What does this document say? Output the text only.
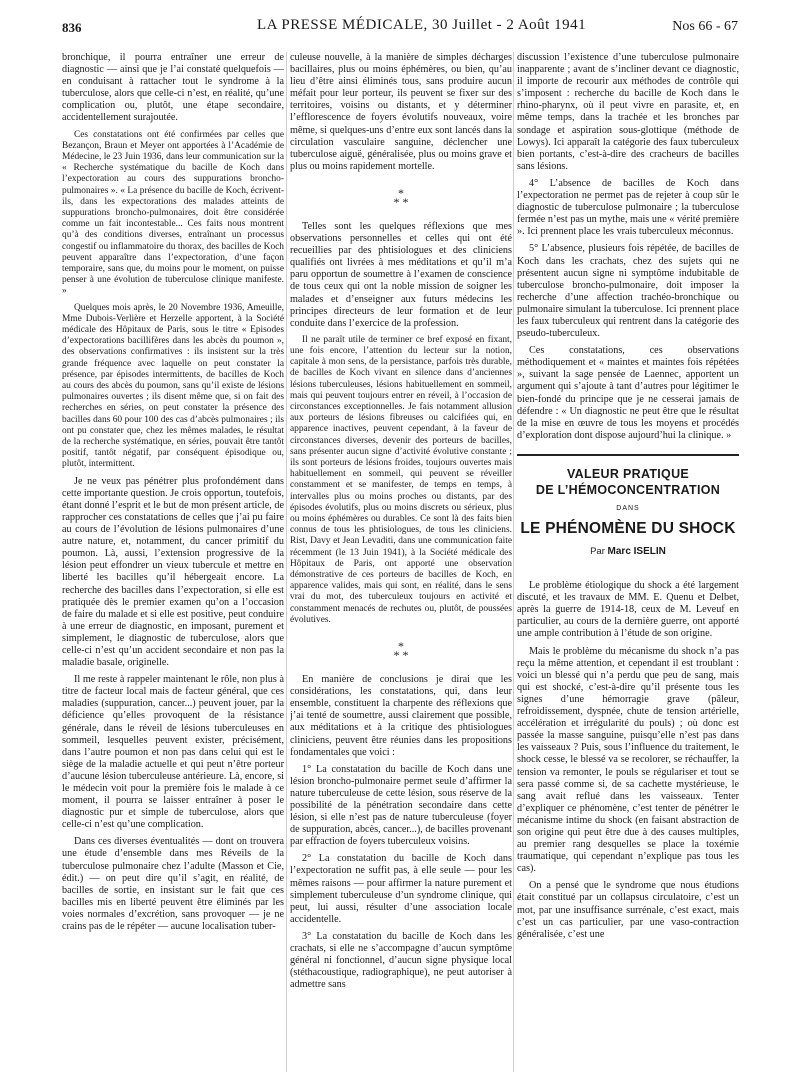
836	LA PRESSE MÉDICALE, 30 Juillet - 2 Août 1941	Nos 66 - 67

bronchique, il pourra entraîner une erreur de diagnostic — ainsi que je l’ai constaté quelquefois — en conduisant à rattacher tout le syndrome à la tuberculose, alors que celle-ci n’est, en réalité, qu’une complication ou, plutôt, une étape secondaire, accidentellement surajoutée.

Ces constatations ont été confirmées par celles que Bezançon, Braun et Meyer ont apportées à l’Académie de Médecine, le 23 Juin 1936, dans leur communication sur la « Recherche systématique du bacille de Koch dans l’expectoration au cours des suppurations broncho-pulmonaires ». « La présence du bacille de Koch, écrivent-ils, dans les expectorations des malades atteints de suppurations broncho-pulmonaires, doit être considérée comme un fait incontestable... Ces faits nous montrent qu’à des conditions diverses, entraînant un processus congestif ou inflammatoire du thorax, des bacilles de Koch peuvent apparaître dans l’expectoration, d’une façon temporaire, sans que, du moins pour le moment, on puisse penser à une évolution de tuberculose clinique manifeste. »

Quelques mois après, le 20 Novembre 1936, Ameuille, Mme Dubois-Verlière et Herzelle apportent, à la Société médicale des Hôpitaux de Paris, sous le titre « Episodes d’expectorations bacillifères dans les abcès du poumon », des observations confirmatives : ils insistent sur la très grande fréquence avec laquelle on peut constater la présence, par épisodes intermittents, de bacilles de Koch au cours des abcès du poumon, sans qu’il existe de lésions pulmonaires ouvertes ; ils disent même que, si on fait des recherches en séries, on peut constater la présence des bacilles dans 60 pour 100 des cas d’abcès pulmonaires ; ils ont pu constater que, chez les mêmes malades, le résultat de la recherche systématique, en séries, pouvait être tantôt positif, tantôt négatif, par conséquent épisodique ou, plutôt, intermittent.

Je ne veux pas pénétrer plus profondément dans cette importante question. Je crois opportun, toutefois, étant donné l’esprit et le but de mon présent article, de rapprocher ces constatations de celles que j’ai pu faire au cours de l’évolution de lésions pulmonaires d’une autre nature, et, notamment, du cancer primitif du poumon. Là, aussi, l’extension progressive de la lésion peut effondrer un vieux tubercule et mettre en liberté les bacilles qu’il hébergeait encore. La recherche des bacilles dans l’expectoration, si elle est pratiquée dès le premier examen qu’on a l’occasion de faire du malade et si elle est positive, peut conduire à une erreur de diagnostic, en imposant, purement et simplement, le diagnostic de tuberculose, alors que celle-ci n’est qu’un accident secondaire et non pas la maladie basale, originelle.

Il me reste à rappeler maintenant le rôle, non plus à titre de facteur local mais de facteur général, que ces maladies (suppuration, cancer...) peuvent jouer, par la déficience qu’elles provoquent de la résistance générale, dans le réveil de lésions tuberculeuses en sommeil, lesquelles peuvent exister, précisément, dans l’autre poumon et non pas dans celui qui est le siège de la maladie actuelle et qui peut n’être porteur d’aucune lésion tuberculeuse antérieure. Là, encore, si le médecin voit pour la première fois le malade à ce moment, il pourra se laisser entraîner à poser le diagnostic pur et simple de tuberculose, alors que celle-ci n’est qu’une complication.

Dans ces diverses éventualités — dont on trouvera une étude d’ensemble dans mes Réveils de la tuberculose pulmonaire chez l’adulte (Masson et Cie, édit.) — on peut dire qu’il s’agit, en réalité, de bacilles de sortie, en insistant sur le fait que ces bacilles mis en liberté peuvent être éliminés par les voies normales d’excrétion, sans provoquer — je ne crains pas de le répéter — aucune localisation tuber-

culeuse nouvelle, à la manière de simples décharges bacillaires, plus ou moins éphémères, ou bien, qu’au lieu d’être ainsi éliminés tous, sans produire aucun méfait pour leur porteur, ils peuvent se fixer sur des territoires, voisins ou distants, et y déterminer l’efflorescence de foyers évolutifs nouveaux, voire même, si quelques-uns d’entre eux sont lancés dans la circulation vasculaire sanguine, déclencher une tuberculose aiguë, généralisée, plus ou moins grave et plus ou moins rapidement mortelle.

*
* *

Telles sont les quelques réflexions que mes observations personnelles et celles qui ont été recueillies par des phtisiologues et des cliniciens qualifiés ont livrées à mes méditations et qu’il m’a paru opportun de soumettre à l’examen de conscience de tous ceux qui ont la noble mission de soigner les malades et d’enseigner aux futurs médecins les principes directeurs de leur formation et de leur conduite dans l’exercice de la profession.

Il ne paraît utile de terminer ce bref exposé en fixant, une fois encore, l’attention du lecteur sur la notion, capitale à mon sens, de la persistance, parfois très durable, de bacilles de Koch vivant en silence dans d’anciennes lésions tuberculeuses, lésions habituellement en sommeil, mais qui peuvent toujours entrer en réveil, à l’occasion de circonstances exceptionnelles. Je fais notamment allusion aux porteurs de lésions fibreuses ou calcifiées qui, en apparence inactives, peuvent cependant, à la faveur de circonstances diverses, devenir des porteurs de bacilles, sans présenter aucun signe d’activité évolutive constante ; ils sont porteurs de lésions froides, toujours ouvertes mais habituellement en sommeil, qui peuvent se réveiller constamment et se manifester, de temps en temps, à intervalles plus ou moins proches ou distants, par des épisodes évolutifs, plus ou moins discrets ou sérieux, plus ou moins éphémères ou durables. Ce sont là des faits bien connus de tous les phtisiologues, de tous les cliniciens. Rist, Davy et Jean Levaditi, dans une communication faite récemment (le 13 Juin 1941), à la Société médicale des Hôpitaux de Paris, ont apporté une observation démonstrative de ces porteurs de bacilles de Koch, en apparence valides, mais qui sont, en réalité, dans le sens vrai du mot, des tuberculeux toujours en activité et constamment menacés de rechutes ou, plutôt, de poussées évolutives.

*
* *

En manière de conclusions je dirai que les considérations, les constatations, qui, dans leur ensemble, constituent la charpente des réflexions que j’ai tenté de soumettre, aussi clairement que possible, aux méditations et à la critique des phtisiologues cliniciens, peuvent être réunies dans les propositions fondamentales que voici :

1° La constatation du bacille de Koch dans une lésion broncho-pulmonaire permet seule d’affirmer la nature tuberculeuse de cette lésion, sous réserve de la possibilité de la pénétration secondaire dans cette lésion, si elle n’est pas de nature tuberculeuse (foyer de suppuration, abcès, cancer...), de bacilles provenant par effraction de foyers tuberculeux voisins.

2° La constatation du bacille de Koch dans l’expectoration ne suffit pas, à elle seule — pour les mêmes raisons — pour affirmer la nature purement et simplement tuberculeuse d’un syndrome clinique, qui peut, lui aussi, résulter d’une association locale accidentelle.

3° La constatation du bacille de Koch dans les crachats, si elle ne s’accompagne d’aucun symptôme général ni fonctionnel, d’aucun signe physique local (stéthacoustique, radiographique), ne peut autoriser à admettre sans

discussion l’existence d’une tuberculose pulmonaire inapparente ; avant de s’incliner devant ce diagnostic, il importe de recourir aux méthodes de contrôle qui s’imposent : recherche du bacille de Koch dans le rhino-pharynx, où il peut vivre en parasite, et, en même temps, dans la trachée et les bronches par sondage et aspiration sous-glottique (méthode de Lowys). Ici apparaît la catégorie des faux tuberculeux bien portants, c’est-à-dire des cracheurs de bacilles sans lésions.

4° L’absence de bacilles de Koch dans l’expectoration ne permet pas de rejeter à coup sûr le diagnostic de tuberculose pulmonaire ; la tuberculose fermée n’est pas un mythe, mais une « vérité première ». Ici prennent place les vrais tuberculeux méconnus.

5° L’absence, plusieurs fois répétée, de bacilles de Koch dans les crachats, chez des sujets qui ne présentent aucun signe ni symptôme indubitable de tuberculose broncho-pulmonaire, doit imposer la recherche d’une affection trachéo-bronchique ou pulmonaire simulant la tuberculose. Ici prennent place les faux tuberculeux qui rentrent dans la catégorie des pseudo-tuberculeux.

Ces constatations, ces observations méthodiquement et « maintes et maintes fois répétées », suivant la sage pensée de Laennec, apportent un argument qui s’ajoute à tant d’autres pour légitimer le bien-fondé du principe que je ne cesserai jamais de défendre : « Un diagnostic ne peut être que le résultat de la mise en œuvre de tous les moyens et procédés d’exploration dont dispose aujourd’hui la clinique. »

VALEUR PRATIQUE
DE L’HÉMOCONCENTRATION
DANS
LE PHÉNOMÈNE DU SHOCK
Par Marc ISELIN

Le problème étiologique du shock a été largement discuté, et les travaux de MM. E. Quenu et Delbet, après la guerre de 1914-18, ceux de M. Leveuf en particulier, au cours de la dernière guerre, ont apporté une ample contribution à l’étude de son origine.

Mais le problème du mécanisme du shock n’a pas reçu la même attention, et cependant il est troublant : voici un blessé qui n’a perdu que peu de sang, mais qui est shocké, c’est-à-dire qu’il présente tous les signes d’une hémorragie grave (pâleur, refroidissement, dyspnée, chute de tension artérielle, accélération et irrégularité du pouls) ; où donc est passée la masse sanguine, puisqu’elle n’est pas dans les vaisseaux ? Puis, sous l’influence du traitement, le shock cesse, le blessé va se recolorer, se réchauffer, la tension va remonter, le pouls se régulariser et tout se sera passé comme si, de sa cachette mystérieuse, le sang avait reflué dans les vaisseaux. Tenter d’expliquer ce phénomène, c’est tenter de pénétrer le mécanisme intime du shock (en faisant abstraction de son origine qui peut être due à des causes multiples, au premier rang desquelles se place la toxémie traumatique, qui cependant n’explique pas tous les cas).

On a pensé que le syndrome que nous étudions était constitué par un collapsus circulatoire, c’est un mot, par une insuffisance surrénale, c’est exact, mais c’est un cas particulier, par une vaso-contraction généralisée, c’est une
